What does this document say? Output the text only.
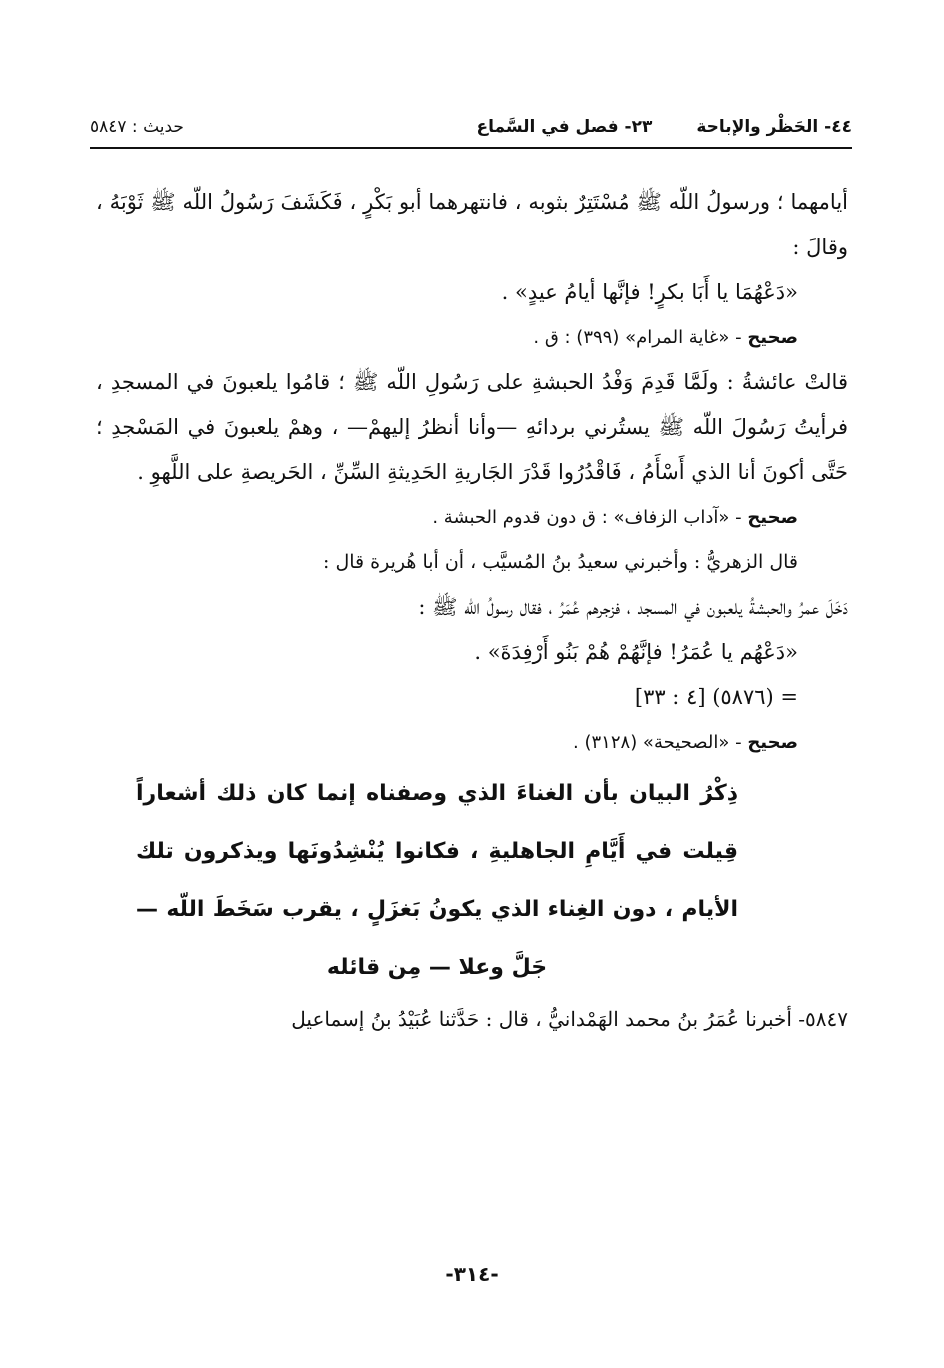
٤٤- الحَظْر والإباحة
٢٣- فصل في السَّماع
حديث : ٥٨٤٧

أيامهما ؛ ورسولُ اللّه ﷺ مُسْتَتِرٌ بثوبه ، فانتهرهما أبو بَكْرٍ ، فَكَشَفَ رَسُولُ اللّه ﷺ ثَوْبَهُ ، وقالَ :

«دَعْهُمَا يا أَبَا بكرٍ! فإنَّها أيامُ عيدٍ» .

صحيح - «غاية المرام» (٣٩٩) : ق .

قالتْ عائشةُ : ولَمَّا قَدِمَ وَفْدُ الحبشةِ على رَسُولِ اللّه ﷺ ؛ قامُوا يلعبونَ في المسجدِ ، فرأيتُ رَسُولَ اللّه ﷺ يستُرني بردائهِ —وأنا أنظرُ إليهمْ— ، وهمْ يلعبونَ في المَسْجدِ ؛ حَتَّى أكونَ أنا الذي أَسْأَمُ ، فَاقْدُرُوا قَدْرَ الجَاريةِ الحَدِيثةِ السِّنِّ ، الحَريصةِ على اللَّهوِ .

صحيح - «آداب الزفاف» : ق دون قدوم الحبشة .

قال الزهريُّ : وأخبرني سعيدُ بنُ المُسيَّب ، أن أبا هُريرة قال :

دَخَلَ عمرُ والحبشةُ يلعبون في المسجد ، فزجرهم عُمَرُ ، فقال رسولُ اللّه ﷺ :

«دَعْهُم يا عُمَرُ! فإنَّهُمْ هُمْ بَنُو أَرْفِدَةَ» .

= (٥٨٧٦) [٤ : ٣٣]

صحيح - «الصحيحة» (٣١٢٨) .

ذِكْرُ البيان بأن الغناءَ الذي وصفناه إنما كان ذلك أشعاراً قِيلت في أَيَّامِ الجاهليةِ ، فكانوا يُنْشِدُونَها ويذكرون تلك الأيام ، دون الغِناء الذي يكونُ بَغزَلٍ ، يقرب سَخَطَ اللّه — جَلَّ وعلا — مِن قائله

٥٨٤٧- أخبرنا عُمَرُ بنُ محمد الهَمْدانيُّ ، قال : حَدَّثنا عُبَيْدُ بنُ إسماعيل

-٣١٤-
